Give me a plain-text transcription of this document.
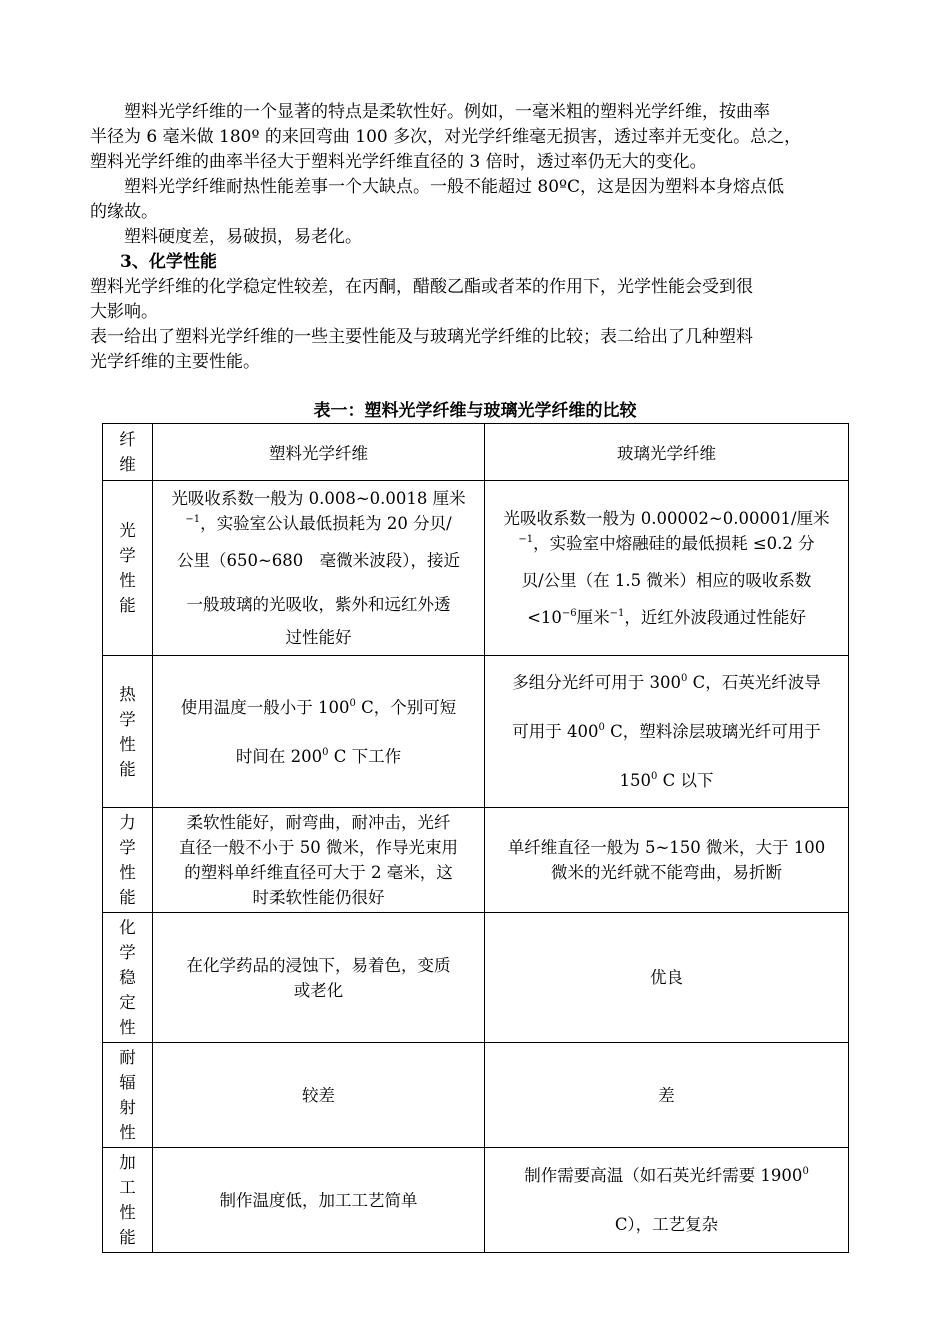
　　塑料光学纤维的一个显著的特点是柔软性好。例如，一毫米粗的塑料光学纤维，按曲率
半径为 6 毫米做 180º 的来回弯曲 100 多次，对光学纤维毫无损害，透过率并无变化。总之，
塑料光学纤维的曲率半径大于塑料光学纤维直径的 3 倍时，透过率仍无大的变化。
　　塑料光学纤维耐热性能差事一个大缺点。一般不能超过 80ºC，这是因为塑料本身熔点低
的缘故。
　　塑料硬度差，易破损，易老化。

3、化学性能

塑料光学纤维的化学稳定性较差，在丙酮，醋酸乙酯或者苯的作用下，光学性能会受到很
大影响。
表一给出了塑料光学纤维的一些主要性能及与玻璃光学纤维的比较；表二给出了几种塑料
光学纤维的主要性能。

表一：塑料光学纤维与玻璃光学纤维的比较

纤维	塑料光学纤维	玻璃光学纤维

光学性能	光吸收系数一般为 0.008~0.0018 厘米
$^{-1}$，实验室公认最低损耗为 20 分贝/
公里（650~680　毫微米波段），接近
一般玻璃的光吸收，紫外和远红外透
过性能好	光吸收系数一般为 0.00002~0.00001/厘米
$^{-1}$，实验室中熔融硅的最低损耗 ≤0.2 分
贝/公里（在 1.5 微米）相应的吸收系数
$<10^{-6}$厘米$^{-1}$，近红外波段通过性能好

热学性能	使用温度一般小于 $100^0$ C，个别可短
时间在 $200^0$ C 下工作	多组分光纤可用于 $300^0$ C，石英光纤波导
可用于 $400^0$ C，塑料涂层玻璃光纤可用于
$150^0$ C 以下

力学性能	柔软性能好，耐弯曲，耐冲击，光纤
直径一般不小于 50 微米，作导光束用
的塑料单纤维直径可大于 2 毫米，这
时柔软性能仍很好	单纤维直径一般为 5~150 微米，大于 100
微米的光纤就不能弯曲，易折断

化学稳定性	在化学药品的浸蚀下，易着色，变质
或老化	优良

耐辐射性	较差	差

加工性能	制作温度低，加工工艺简单	制作需要高温（如石英光纤需要 1900$^0$
C），工艺复杂
